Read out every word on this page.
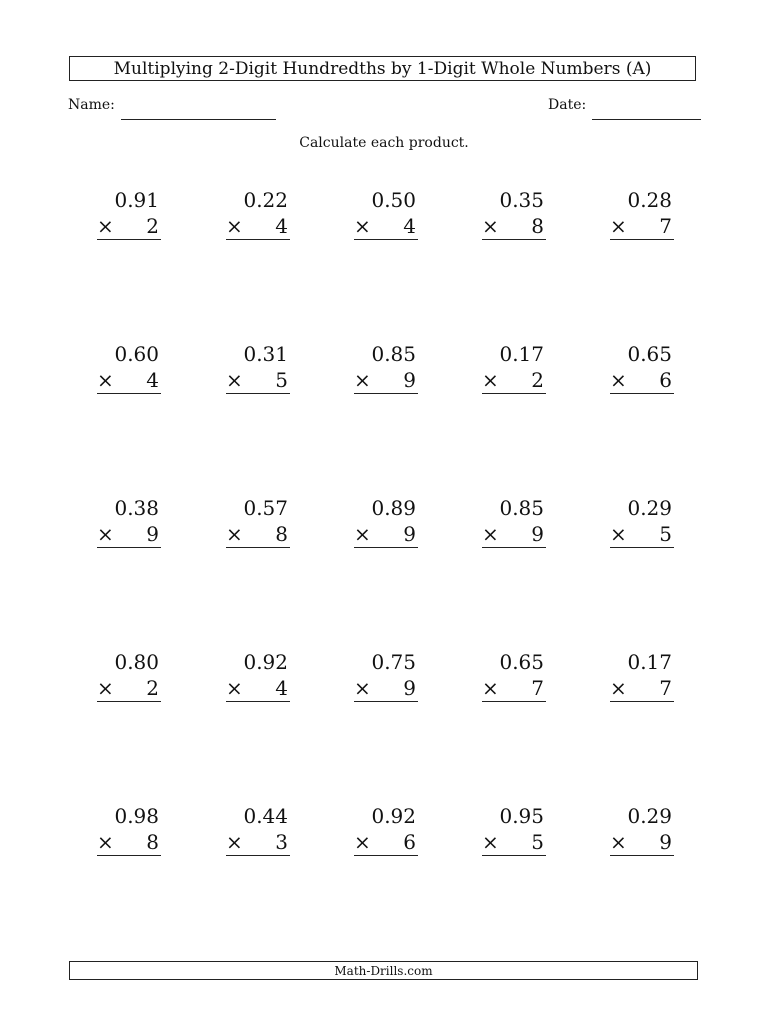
Multiplying 2-Digit Hundredths by 1-Digit Whole Numbers (A)
Name:	Date:
Calculate each product.
0.91
× 2
0.22
× 4
0.50
× 4
0.35
× 8
0.28
× 7
0.60
× 4
0.31
× 5
0.85
× 9
0.17
× 2
0.65
× 6
0.38
× 9
0.57
× 8
0.89
× 9
0.85
× 9
0.29
× 5
0.80
× 2
0.92
× 4
0.75
× 9
0.65
× 7
0.17
× 7
0.98
× 8
0.44
× 3
0.92
× 6
0.95
× 5
0.29
× 9
Math-Drills.com
